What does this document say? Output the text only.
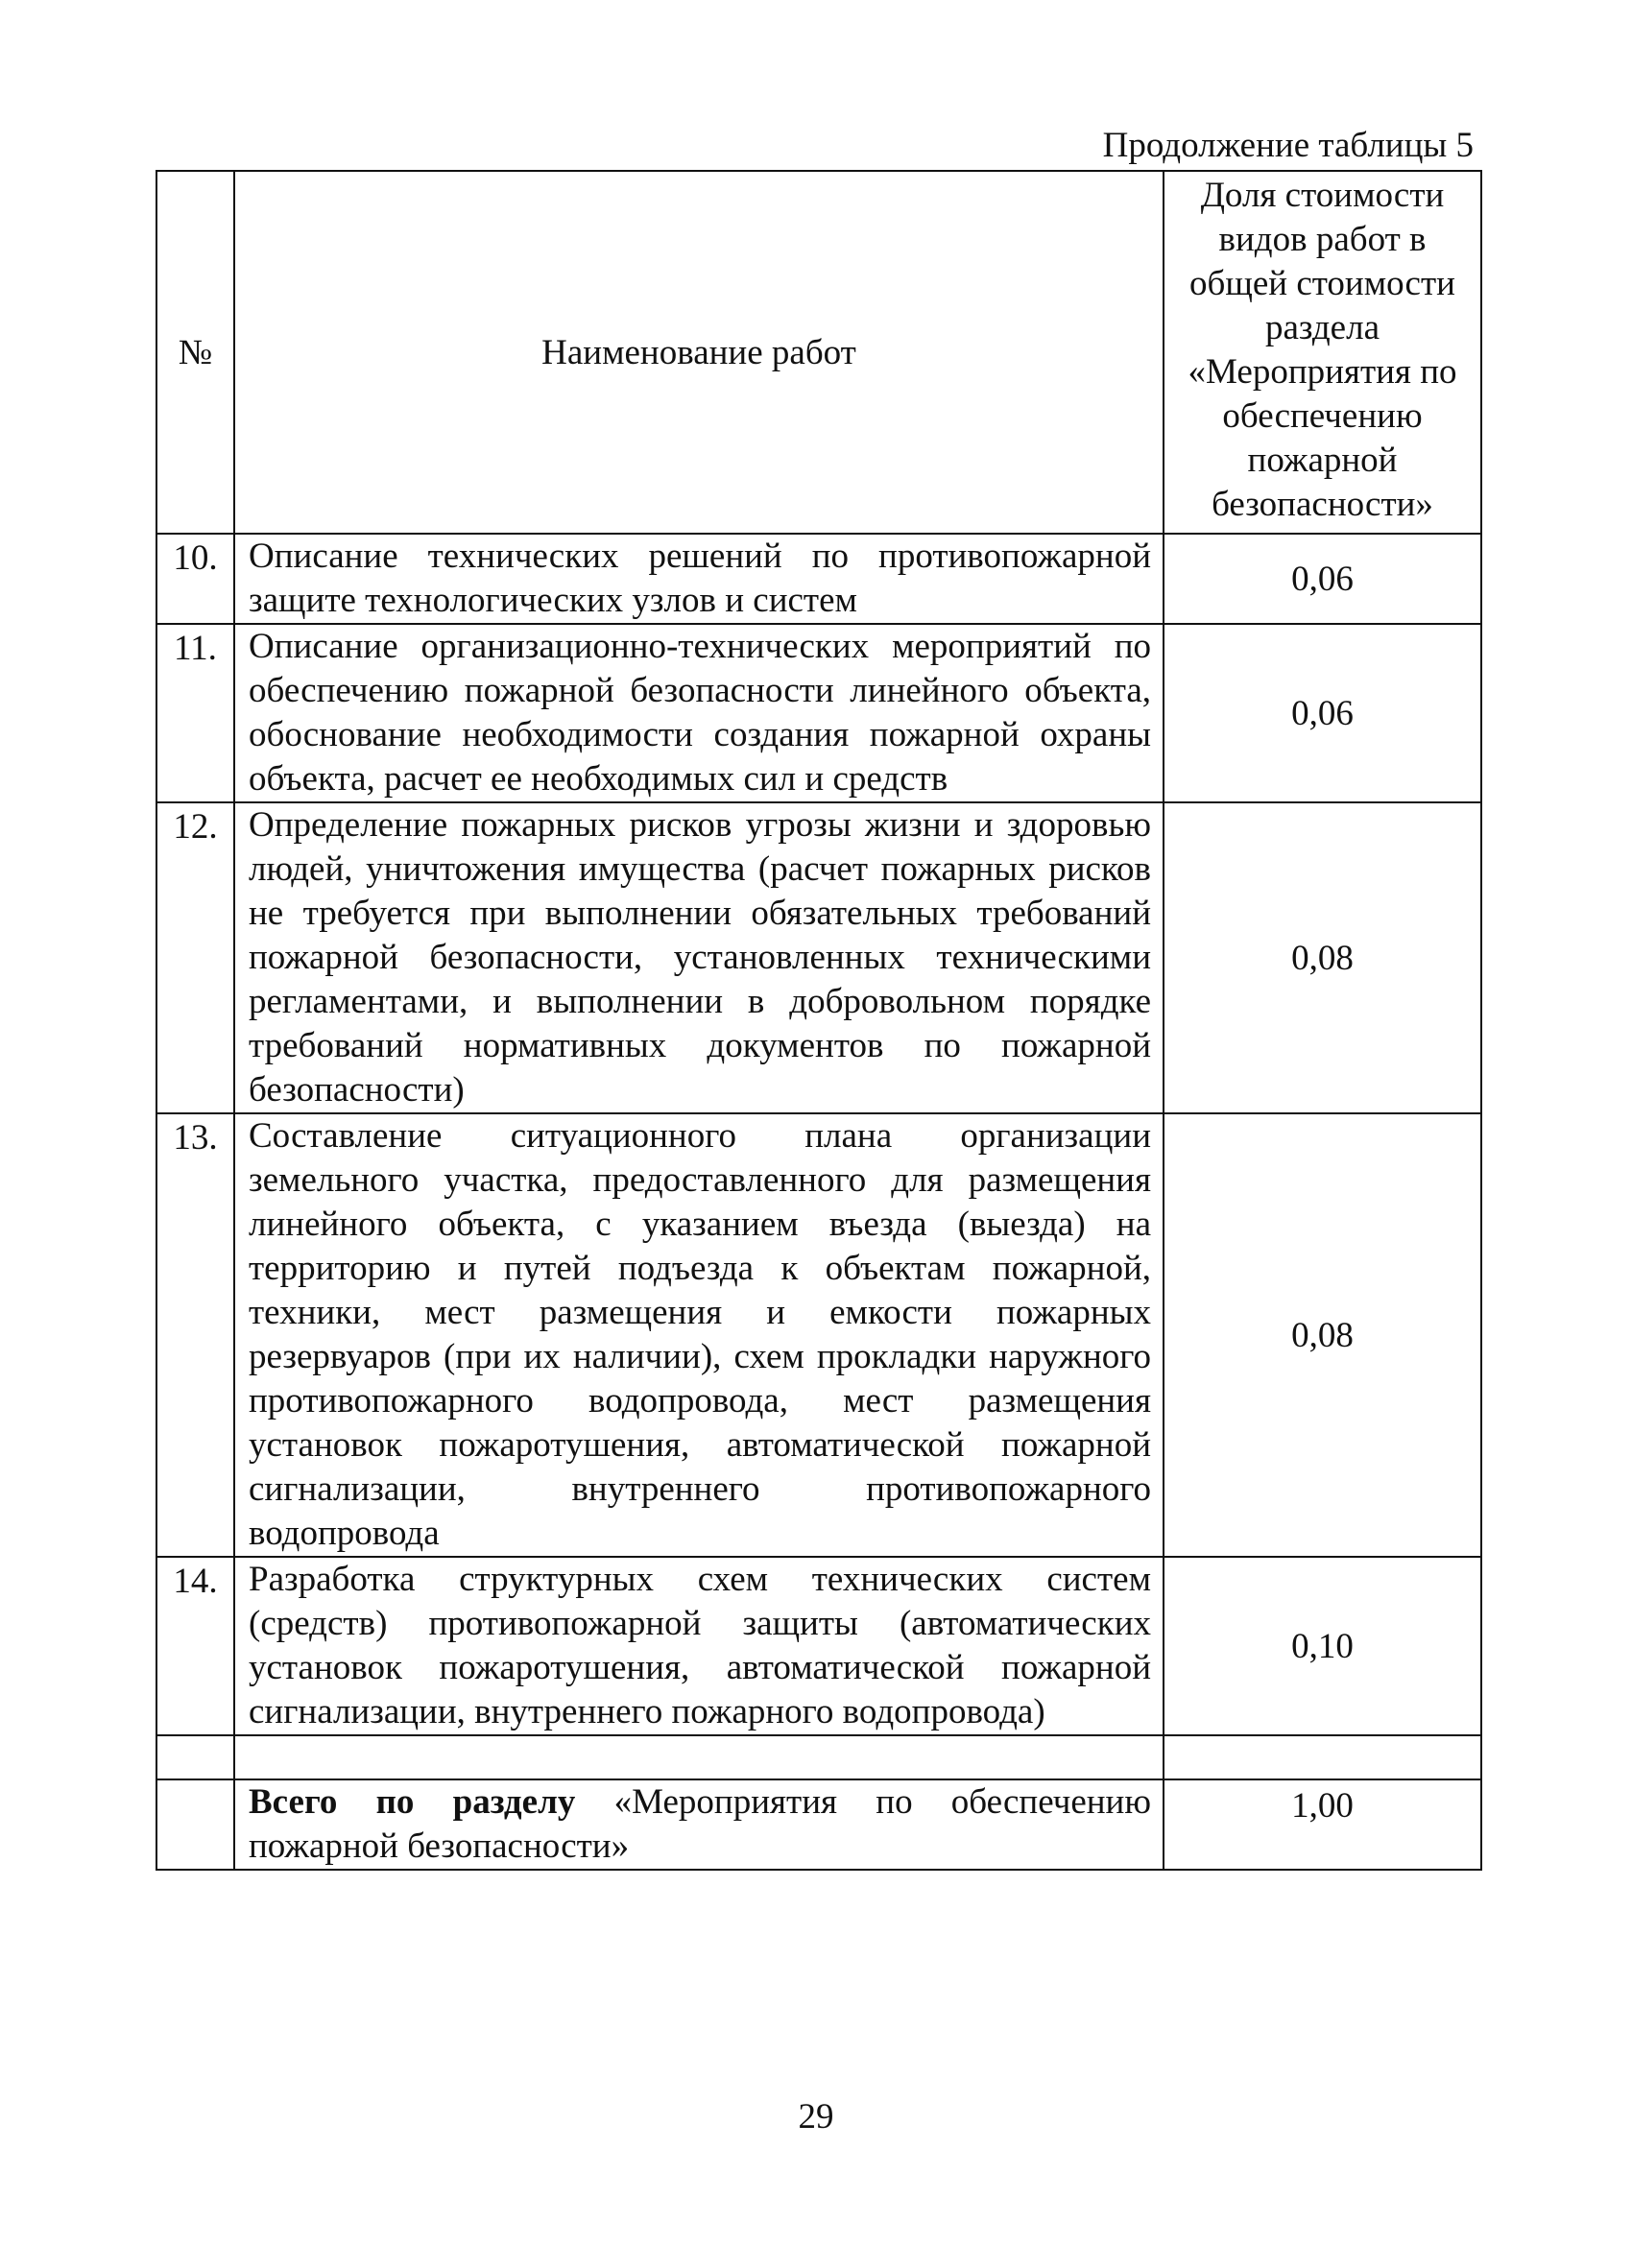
Продолжение таблицы 5
№	Наименование работ	Доля стоимости видов работ в общей стоимости раздела «Мероприятия по обеспечению пожарной безопасности»
10.	Описание технических решений по противопожарной защите технологических узлов и систем	0,06
11.	Описание организационно-технических мероприятий по обеспечению пожарной безопасности линейного объекта, обоснование необходимости создания пожарной охраны объекта, расчет ее необходимых сил и средств	0,06
12.	Определение пожарных рисков угрозы жизни и здоровью людей, уничтожения имущества (расчет пожарных рисков не требуется при выполнении обязательных требований пожарной безопасности, установленных техническими регламентами, и выполнении в добровольном порядке требований нормативных документов по пожарной безопасности)	0,08
13.	Составление ситуационного плана организации земельного участка, предоставленного для размещения линейного объекта, с указанием въезда (выезда) на территорию и путей подъезда к объектам пожарной, техники, мест размещения и емкости пожарных резервуаров (при их наличии), схем прокладки наружного противопожарного водопровода, мест размещения установок пожаротушения, автоматической пожарной сигнализации, внутреннего противопожарного водопровода	0,08
14.	Разработка структурных схем технических систем (средств) противопожарной защиты (автоматических установок пожаротушения, автоматической пожарной сигнализации, внутреннего пожарного водопровода)	0,10

	Всего по разделу «Мероприятия по обеспечению пожарной безопасности»	1,00
29
